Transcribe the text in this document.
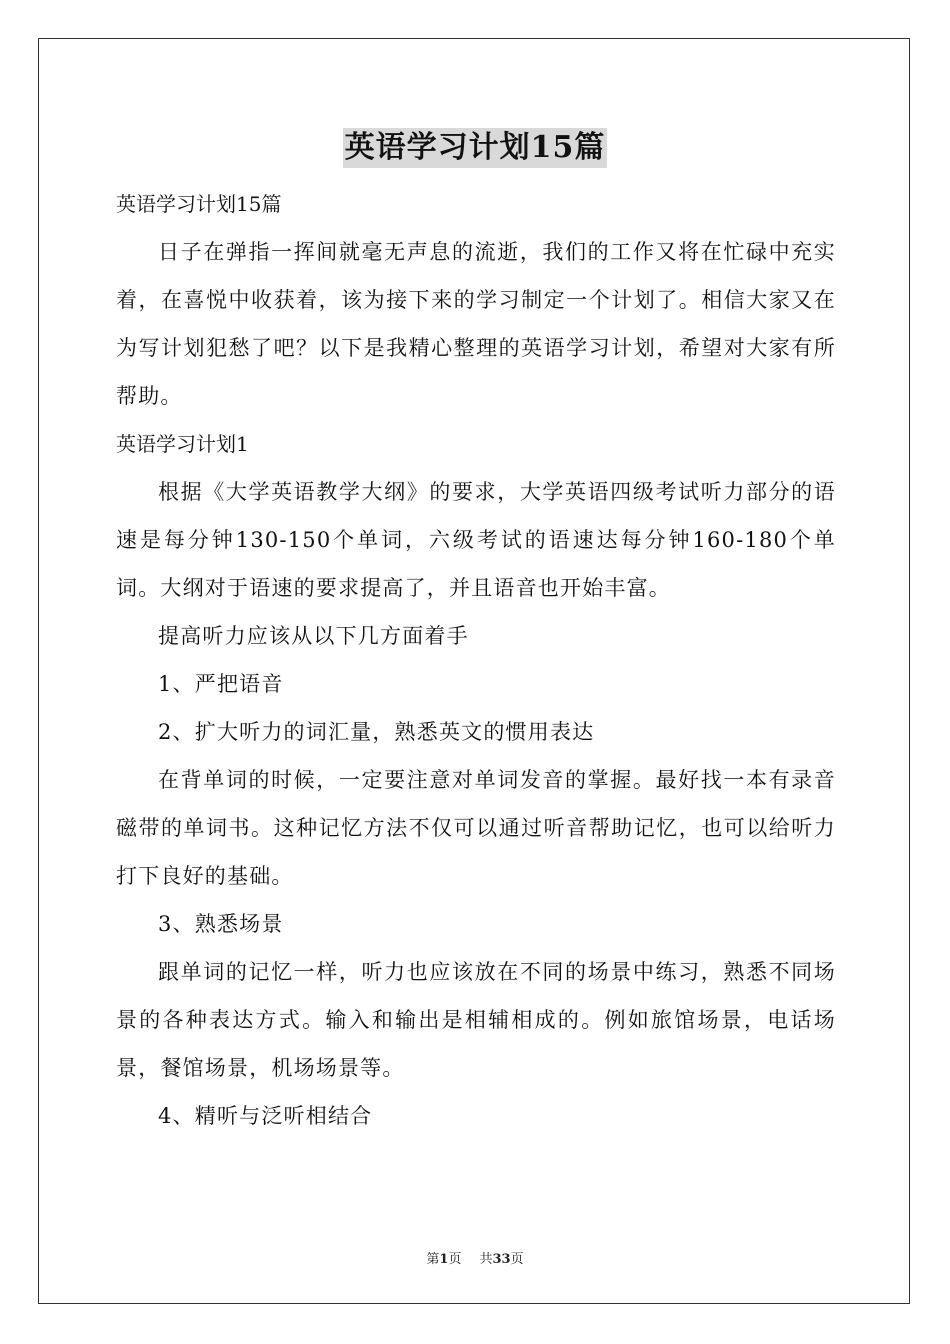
英语学习计划15篇

英语学习计划15篇

日子在弹指一挥间就毫无声息的流逝，我们的工作又将在忙碌中充实着，在喜悦中收获着，该为接下来的学习制定一个计划了。相信大家又在为写计划犯愁了吧？以下是我精心整理的英语学习计划，希望对大家有所帮助。

英语学习计划1

根据《大学英语教学大纲》的要求，大学英语四级考试听力部分的语速是每分钟130-150个单词，六级考试的语速达每分钟160-180个单词。大纲对于语速的要求提高了，并且语音也开始丰富。

提高听力应该从以下几方面着手

1、严把语音

2、扩大听力的词汇量，熟悉英文的惯用表达

在背单词的时候，一定要注意对单词发音的掌握。最好找一本有录音磁带的单词书。这种记忆方法不仅可以通过听音帮助记忆，也可以给听力打下良好的基础。

3、熟悉场景

跟单词的记忆一样，听力也应该放在不同的场景中练习，熟悉不同场景的各种表达方式。输入和输出是相辅相成的。例如旅馆场景，电话场景，餐馆场景，机场场景等。

4、精听与泛听相结合

第1页 共33页
